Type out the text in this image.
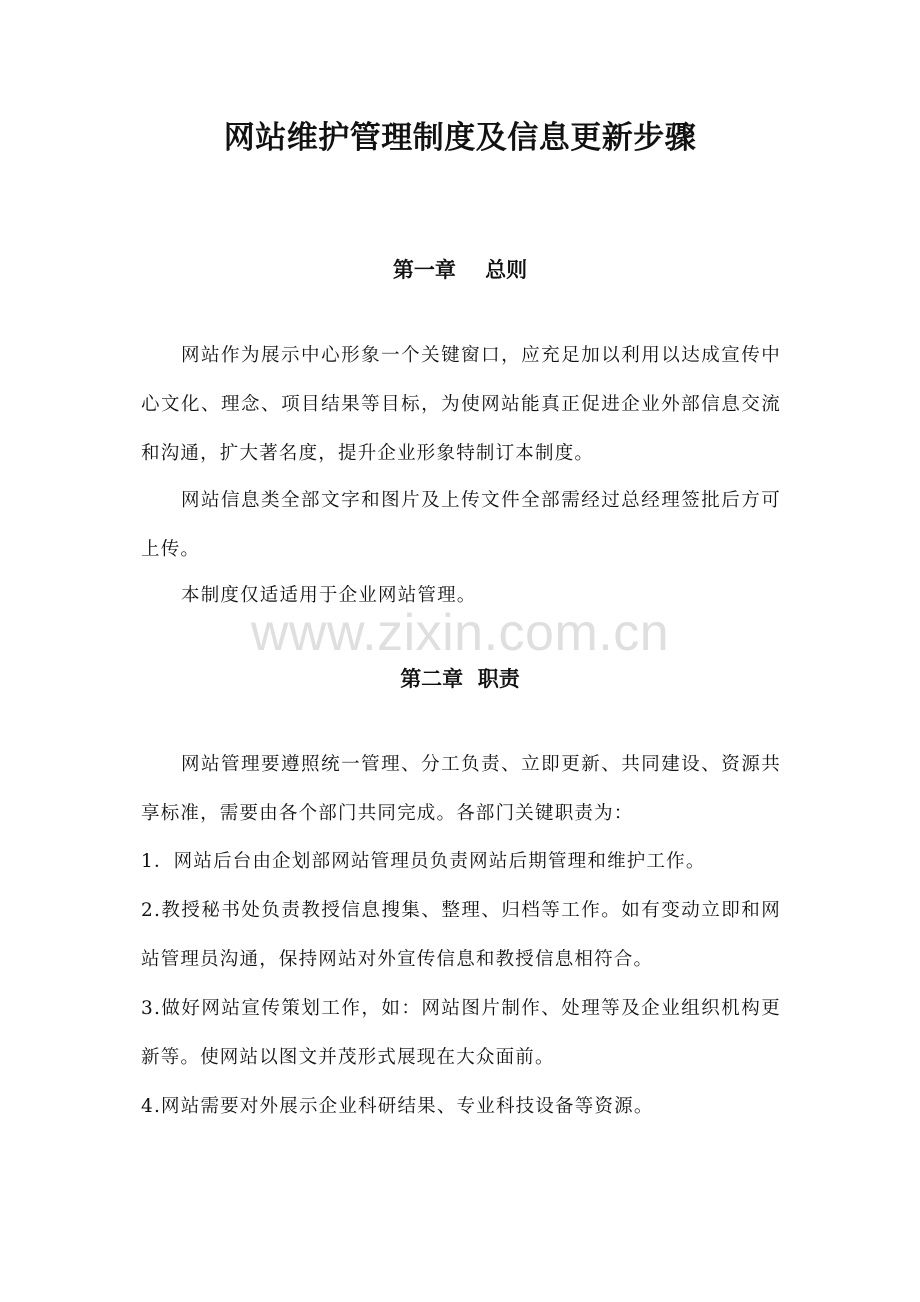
网站维护管理制度及信息更新步骤
第一章    总则

网站作为展示中心形象一个关键窗口，应充足加以利用以达成宣传中心文化、理念、项目结果等目标，为使网站能真正促进企业外部信息交流和沟通，扩大著名度，提升企业形象特制订本制度。

网站信息类全部文字和图片及上传文件全部需经过总经理签批后方可上传。

本制度仅适适用于企业网站管理。

www.zixin.com.cn
第二章  职责

网站管理要遵照统一管理、分工负责、立即更新、共同建设、资源共享标准，需要由各个部门共同完成。各部门关键职责为：

1．网站后台由企划部网站管理员负责网站后期管理和维护工作。

2.教授秘书处负责教授信息搜集、整理、归档等工作。如有变动立即和网站管理员沟通，保持网站对外宣传信息和教授信息相符合。

3.做好网站宣传策划工作，如：网站图片制作、处理等及企业组织机构更新等。使网站以图文并茂形式展现在大众面前。

4.网站需要对外展示企业科研结果、专业科技设备等资源。
